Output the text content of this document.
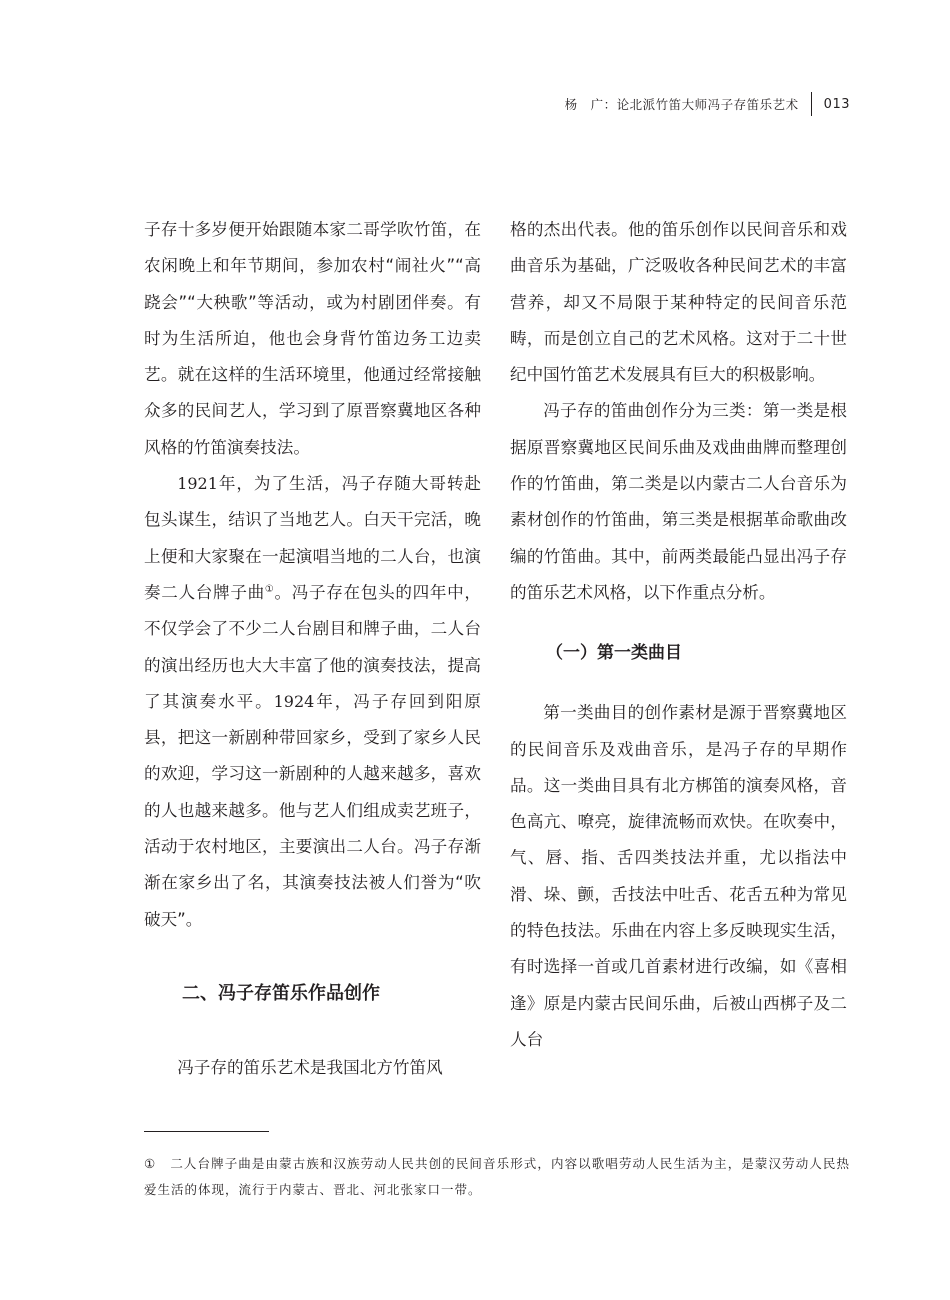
杨　广：论北派竹笛大师冯子存笛乐艺术	013

子存十多岁便开始跟随本家二哥学吹竹笛，在农闲晚上和年节期间，参加农村“闹社火”“高跷会”“大秧歌”等活动，或为村剧团伴奏。有时为生活所迫，他也会身背竹笛边务工边卖艺。就在这样的生活环境里，他通过经常接触众多的民间艺人，学习到了原晋察冀地区各种风格的竹笛演奏技法。

1921年，为了生活，冯子存随大哥转赴包头谋生，结识了当地艺人。白天干完活，晚上便和大家聚在一起演唱当地的二人台，也演奏二人台牌子曲①。冯子存在包头的四年中，不仅学会了不少二人台剧目和牌子曲，二人台的演出经历也大大丰富了他的演奏技法，提高了其演奏水平。1924年，冯子存回到阳原县，把这一新剧种带回家乡，受到了家乡人民的欢迎，学习这一新剧种的人越来越多，喜欢的人也越来越多。他与艺人们组成卖艺班子，活动于农村地区，主要演出二人台。冯子存渐渐在家乡出了名，其演奏技法被人们誉为“吹破天”。

二、冯子存笛乐作品创作

冯子存的笛乐艺术是我国北方竹笛风

格的杰出代表。他的笛乐创作以民间音乐和戏曲音乐为基础，广泛吸收各种民间艺术的丰富营养，却又不局限于某种特定的民间音乐范畴，而是创立自己的艺术风格。这对于二十世纪中国竹笛艺术发展具有巨大的积极影响。

冯子存的笛曲创作分为三类：第一类是根据原晋察冀地区民间乐曲及戏曲曲牌而整理创作的竹笛曲，第二类是以内蒙古二人台音乐为素材创作的竹笛曲，第三类是根据革命歌曲改编的竹笛曲。其中，前两类最能凸显出冯子存的笛乐艺术风格，以下作重点分析。

（一）第一类曲目

第一类曲目的创作素材是源于晋察冀地区的民间音乐及戏曲音乐，是冯子存的早期作品。这一类曲目具有北方梆笛的演奏风格，音色高亢、嘹亮，旋律流畅而欢快。在吹奏中，气、唇、指、舌四类技法并重，尤以指法中滑、垛、颤，舌技法中吐舌、花舌五种为常见的特色技法。乐曲在内容上多反映现实生活，有时选择一首或几首素材进行改编，如《喜相逢》原是内蒙古民间乐曲，后被山西梆子及二人台

① 二人台牌子曲是由蒙古族和汉族劳动人民共创的民间音乐形式，内容以歌唱劳动人民生活为主，是蒙汉劳动人民热爱生活的体现，流行于内蒙古、晋北、河北张家口一带。
